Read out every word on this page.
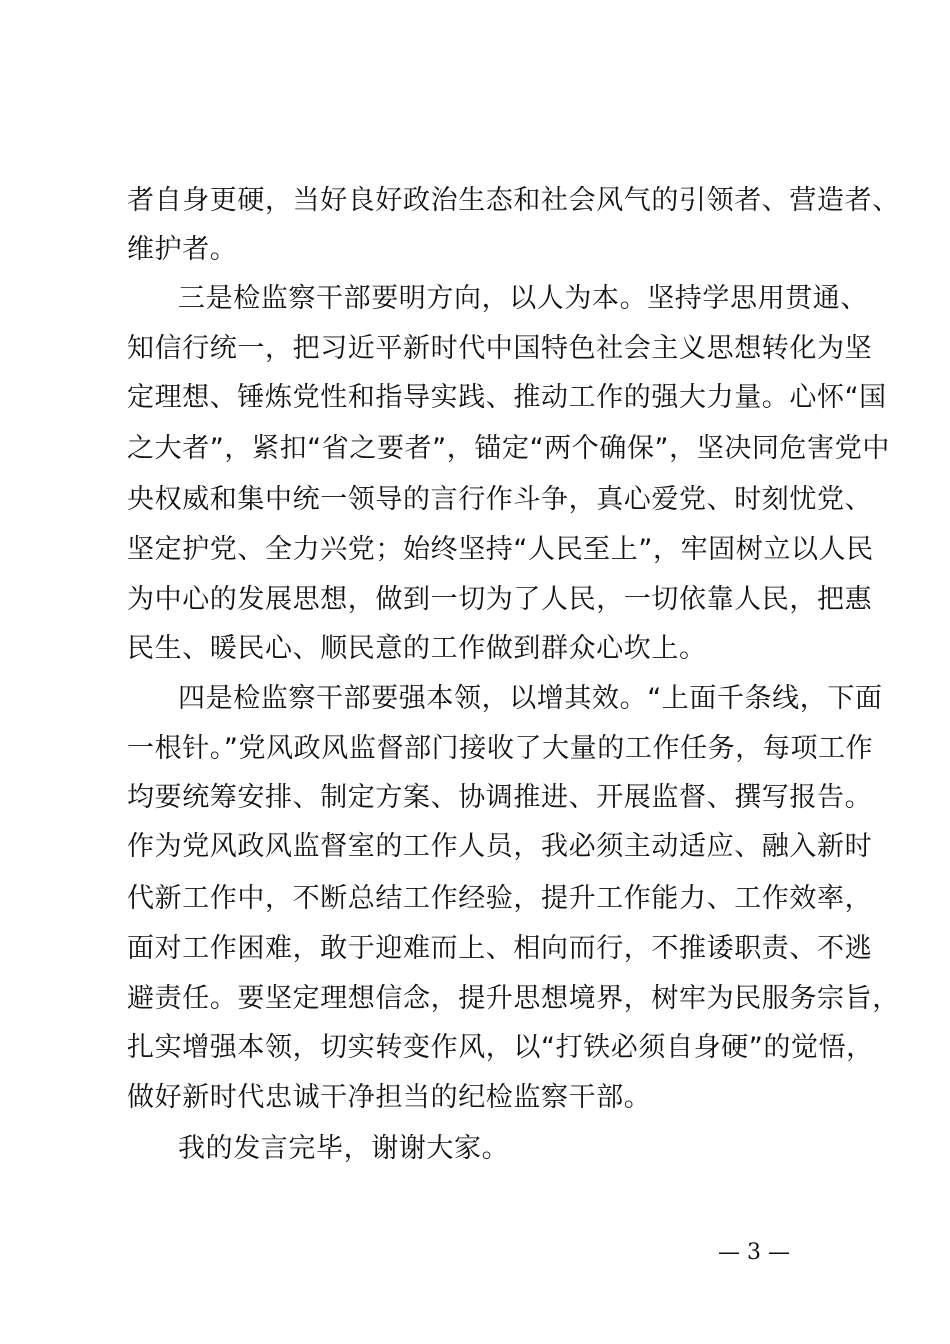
者自身更硬，当好良好政治生态和社会风气的引领者、营造者、
维护者。
三是检监察干部要明方向，以人为本。坚持学思用贯通、
知信行统一，把习近平新时代中国特色社会主义思想转化为坚
定理想、锤炼党性和指导实践、推动工作的强大力量。心怀“国
之大者”，紧扣“省之要者”，锚定“两个确保”，坚决同危害党中
央权威和集中统一领导的言行作斗争，真心爱党、时刻忧党、
坚定护党、全力兴党；始终坚持“人民至上”，牢固树立以人民
为中心的发展思想，做到一切为了人民，一切依靠人民，把惠
民生、暖民心、顺民意的工作做到群众心坎上。
四是检监察干部要强本领，以增其效。“上面千条线，下面
一根针。”党风政风监督部门接收了大量的工作任务，每项工作
均要统筹安排、制定方案、协调推进、开展监督、撰写报告。
作为党风政风监督室的工作人员，我必须主动适应、融入新时
代新工作中，不断总结工作经验，提升工作能力、工作效率，
面对工作困难，敢于迎难而上、相向而行，不推诿职责、不逃
避责任。要坚定理想信念，提升思想境界，树牢为民服务宗旨，
扎实增强本领，切实转变作风，以“打铁必须自身硬”的觉悟，
做好新时代忠诚干净担当的纪检监察干部。
我的发言完毕，谢谢大家。
— 3 —
